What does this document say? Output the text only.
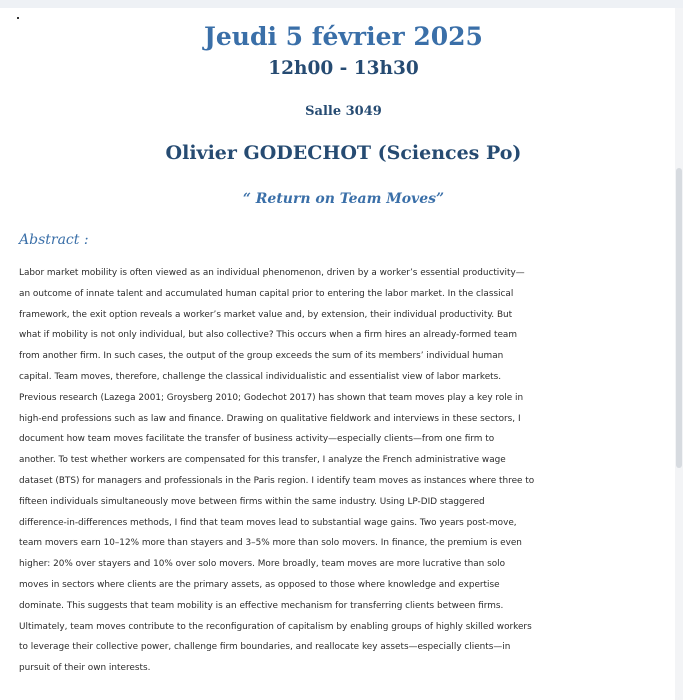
Jeudi 5 février 2025
12h00 - 13h30
Salle 3049
Olivier GODECHOT (Sciences Po)
“ Return on Team Moves”
Abstract :
Labor market mobility is often viewed as an individual phenomenon, driven by a worker’s essential productivity—
an outcome of innate talent and accumulated human capital prior to entering the labor market. In the classical
framework, the exit option reveals a worker’s market value and, by extension, their individual productivity. But
what if mobility is not only individual, but also collective? This occurs when a firm hires an already-formed team
from another firm. In such cases, the output of the group exceeds the sum of its members’ individual human
capital. Team moves, therefore, challenge the classical individualistic and essentialist view of labor markets.
Previous research (Lazega 2001; Groysberg 2010; Godechot 2017) has shown that team moves play a key role in
high-end professions such as law and finance. Drawing on qualitative fieldwork and interviews in these sectors, I
document how team moves facilitate the transfer of business activity—especially clients—from one firm to
another. To test whether workers are compensated for this transfer, I analyze the French administrative wage
dataset (BTS) for managers and professionals in the Paris region. I identify team moves as instances where three to
fifteen individuals simultaneously move between firms within the same industry. Using LP-DID staggered
difference-in-differences methods, I find that team moves lead to substantial wage gains. Two years post-move,
team movers earn 10–12% more than stayers and 3–5% more than solo movers. In finance, the premium is even
higher: 20% over stayers and 10% over solo movers. More broadly, team moves are more lucrative than solo
moves in sectors where clients are the primary assets, as opposed to those where knowledge and expertise
dominate. This suggests that team mobility is an effective mechanism for transferring clients between firms.
Ultimately, team moves contribute to the reconfiguration of capitalism by enabling groups of highly skilled workers
to leverage their collective power, challenge firm boundaries, and reallocate key assets—especially clients—in
pursuit of their own interests.
